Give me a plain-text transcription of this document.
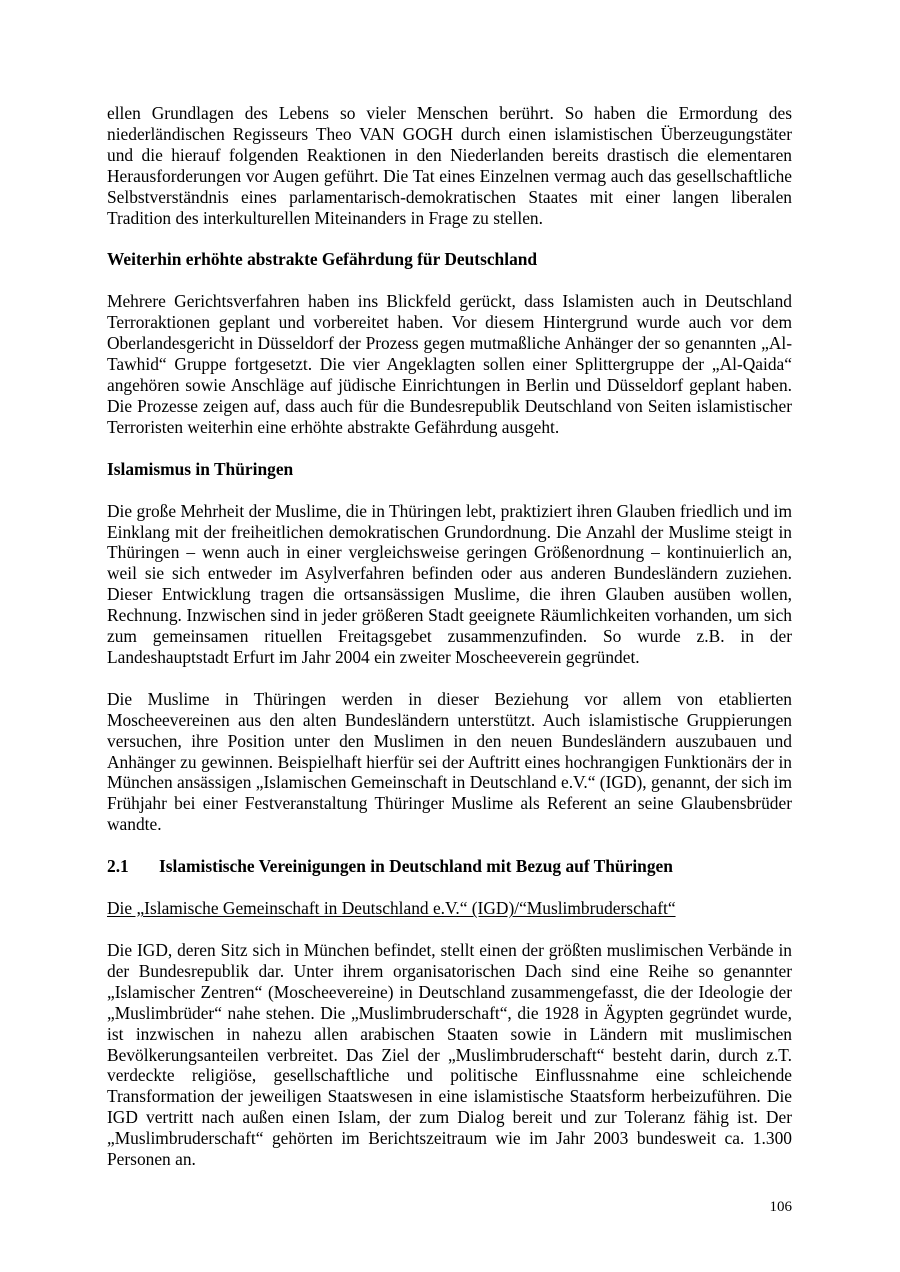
ellen Grundlagen des Lebens so vieler Menschen berührt. So haben die Ermordung des niederländischen Regisseurs Theo VAN GOGH durch einen islamistischen Überzeugungstäter und die hierauf folgenden Reaktionen in den Niederlanden bereits drastisch die elementaren Herausforderungen vor Augen geführt. Die Tat eines Einzelnen vermag auch das gesellschaftliche Selbstverständnis eines parlamentarisch-demokratischen Staates mit einer langen liberalen Tradition des interkulturellen Miteinanders in Frage zu stellen.

Weiterhin erhöhte abstrakte Gefährdung für Deutschland

Mehrere Gerichtsverfahren haben ins Blickfeld gerückt, dass Islamisten auch in Deutschland Terroraktionen geplant und vorbereitet haben. Vor diesem Hintergrund wurde auch vor dem Oberlandesgericht in Düsseldorf der Prozess gegen mutmaßliche Anhänger der so genannten „Al-Tawhid“ Gruppe fortgesetzt. Die vier Angeklagten sollen einer Splittergruppe der „Al-Qaida“ angehören sowie Anschläge auf jüdische Einrichtungen in Berlin und Düsseldorf geplant haben. Die Prozesse zeigen auf, dass auch für die Bundesrepublik Deutschland von Seiten islamistischer Terroristen weiterhin eine erhöhte abstrakte Gefährdung ausgeht.

Islamismus in Thüringen

Die große Mehrheit der Muslime, die in Thüringen lebt, praktiziert ihren Glauben friedlich und im Einklang mit der freiheitlichen demokratischen Grundordnung. Die Anzahl der Muslime steigt in Thüringen – wenn auch in einer vergleichsweise geringen Größenordnung – kontinuierlich an, weil sie sich entweder im Asylverfahren befinden oder aus anderen Bundesländern zuziehen. Dieser Entwicklung tragen die ortsansässigen Muslime, die ihren Glauben ausüben wollen, Rechnung. Inzwischen sind in jeder größeren Stadt geeignete Räumlichkeiten vorhanden, um sich zum gemeinsamen rituellen Freitagsgebet zusammenzufinden. So wurde z.B. in der Landeshauptstadt Erfurt im Jahr 2004 ein zweiter Moscheeverein gegründet.

Die Muslime in Thüringen werden in dieser Beziehung vor allem von etablierten Moscheevereinen aus den alten Bundesländern unterstützt. Auch islamistische Gruppierungen versuchen, ihre Position unter den Muslimen in den neuen Bundesländern auszubauen und Anhänger zu gewinnen. Beispielhaft hierfür sei der Auftritt eines hochrangigen Funktionärs der in München ansässigen „Islamischen Gemeinschaft in Deutschland e.V.“ (IGD), genannt, der sich im Frühjahr bei einer Festveranstaltung Thüringer Muslime als Referent an seine Glaubensbrüder wandte.

2.1	Islamistische Vereinigungen in Deutschland mit Bezug auf Thüringen

Die „Islamische Gemeinschaft in Deutschland e.V.“ (IGD)/“Muslimbruderschaft“

Die IGD, deren Sitz sich in München befindet, stellt einen der größten muslimischen Verbände in der Bundesrepublik dar. Unter ihrem organisatorischen Dach sind eine Reihe so genannter „Islamischer Zentren“ (Moscheevereine) in Deutschland zusammengefasst, die der Ideologie der „Muslimbrüder“ nahe stehen. Die „Muslimbruderschaft“, die 1928 in Ägypten gegründet wurde, ist inzwischen in nahezu allen arabischen Staaten sowie in Ländern mit muslimischen Bevölkerungsanteilen verbreitet. Das Ziel der „Muslimbruderschaft“ besteht darin, durch z.T. verdeckte religiöse, gesellschaftliche und politische Einflussnahme eine schleichende Transformation der jeweiligen Staatswesen in eine islamistische Staatsform herbeizuführen. Die IGD vertritt nach außen einen Islam, der zum Dialog bereit und zur Toleranz fähig ist. Der „Muslimbruderschaft“ gehörten im Berichtszeitraum wie im Jahr 2003 bundesweit ca. 1.300 Personen an.

106
